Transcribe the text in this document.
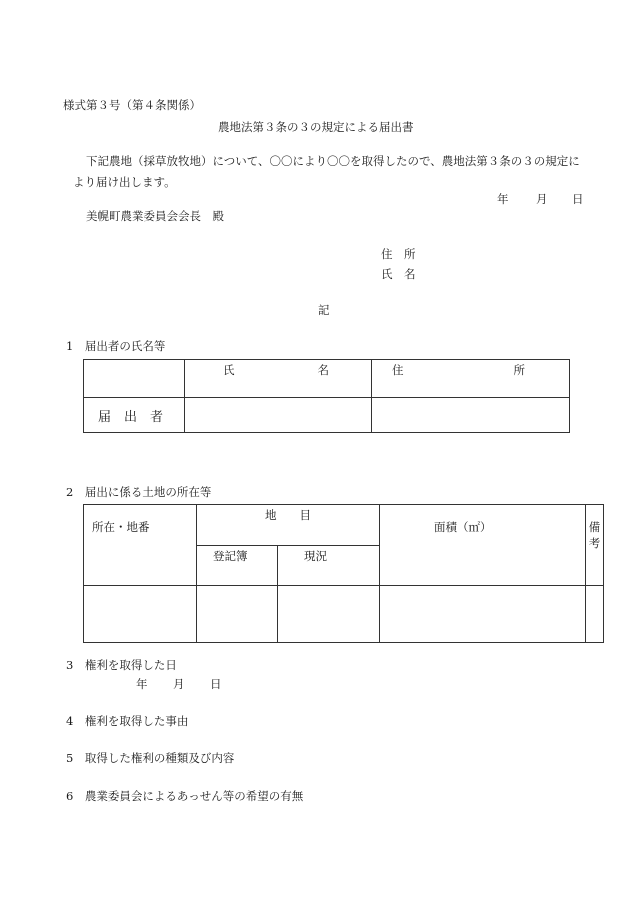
様式第３号（第４条関係）
農地法第３条の３の規定による届出書
下記農地（採草放牧地）について、〇〇により〇〇を取得したので、農地法第３条の３の規定に
より届け出します。
年 月 日
美幌町農業委員会会長　殿
住　所
氏　名
記
1　届出者の氏名等

	氏 名	住 所

届　出　者		
2　届出に係る土地の所在等
所在・地番	地　　目		面積（㎡）	備 考
	登記簿	現況		

3　権利を取得した日
年 月 日
4　権利を取得した事由
5　取得した権利の種類及び内容
6　農業委員会によるあっせん等の希望の有無
